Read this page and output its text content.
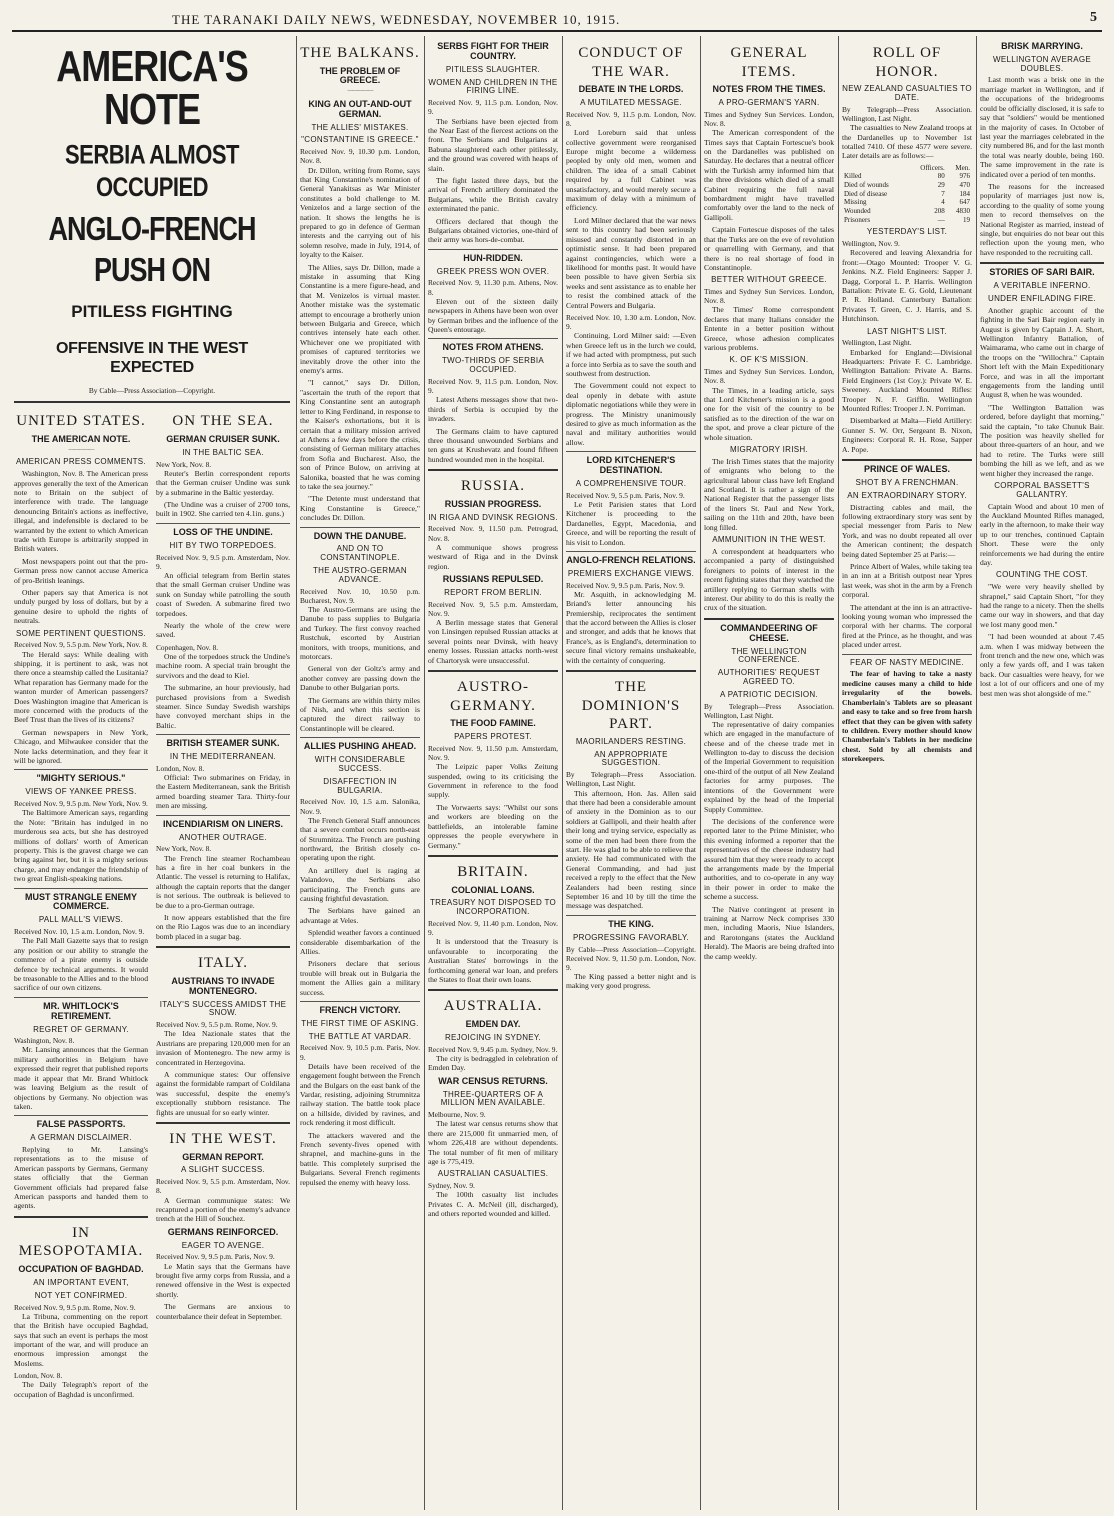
THE TARANAKI DAILY NEWS, WEDNESDAY, NOVEMBER 10, 1915.	5
AMERICA'S NOTE
SERBIA ALMOST OCCUPIED
ANGLO-FRENCH PUSH ON
PITILESS FIGHTING
OFFENSIVE IN THE WEST EXPECTED
By Cable—Press Association—Copyright.
UNITED STATES.
THE AMERICAN NOTE.
—————
AMERICAN PRESS COMMENTS.

Washington, Nov. 8. The American press approves generally the text of the American note to Britain on the subject of interference with trade. The language denouncing Britain's actions as ineffective, illegal, and indefensible is declared to be warranted by the extent to which American trade with Europe is arbitrarily stopped in British waters.

Most newspapers point out that the pro-German press now cannot accuse America of pro-British leanings.

Other papers say that America is not unduly purged by loss of dollars, but by a genuine desire to uphold the rights of neutrals.

SOME PERTINENT QUESTIONS.
Received Nov. 9, 5.5 p.m. New York, Nov. 8.

The Herald says: While dealing with shipping, it is pertinent to ask, was not there once a steamship called the Lusitania? What reparation has Germany made for the wanton murder of American passengers? Does Washington imagine that American is more concerned with the products of the Beef Trust than the lives of its citizens?

German newspapers in New York, Chicago, and Milwaukee consider that the Note lacks determination, and they fear it will be ignored.

"MIGHTY SERIOUS."
VIEWS OF YANKEE PRESS.
Received Nov. 9, 9.5 p.m. New York, Nov. 9.

The Baltimore American says, regarding the Note: "Britain has indulged in no murderous sea acts, but she has destroyed millions of dollars' worth of American property. This is the gravest charge we can bring against her, but it is a mighty serious charge, and may endanger the friendship of two great English-speaking nations.

MUST STRANGLE ENEMY COMMERCE.
PALL MALL'S VIEWS.
Received Nov. 10, 1.5 a.m. London, Nov. 9.

The Pall Mall Gazette says that to resign any position or our ability to strangle the commerce of a pirate enemy is outside defence by technical arguments. It would be treasonable to the Allies and to the blood sacrifice of our own citizens.

MR. WHITLOCK'S RETIREMENT.
REGRET OF GERMANY.
Washington, Nov. 8.

Mr. Lansing announces that the German military authorities in Belgium have expressed their regret that published reports made it appear that Mr. Brand Whitlock was leaving Belgium as the result of objections by Germany. No objection was taken.

FALSE PASSPORTS.
A GERMAN DISCLAIMER.

Replying to Mr. Lansing's representations as to the misuse of American passports by Germans, Germany states officially that the German Government officials had prepared false American passports and handed them to agents.

IN MESOPOTAMIA.
OCCUPATION OF BAGHDAD.
AN IMPORTANT EVENT,
NOT YET CONFIRMED.
Received Nov. 9, 9.5 p.m. Rome, Nov. 9.

La Tribuna, commenting on the report that the British have occupied Baghdad, says that such an event is perhaps the most important of the war, and will produce an enormous impression amongst the Moslems.

London, Nov. 8.

The Daily Telegraph's report of the occupation of Baghdad is unconfirmed.

ON THE SEA.
GERMAN CRUISER SUNK.
IN THE BALTIC SEA.
New York, Nov. 8.

Reuter's Berlin correspondent reports that the German cruiser Undine was sunk by a submarine in the Baltic yesterday.

(The Undine was a cruiser of 2700 tons, built in 1902. She carried ten 4.1in. guns.)

LOSS OF THE UNDINE.
HIT BY TWO TORPEDOES.
Received Nov. 9, 9.5 p.m. Amsterdam, Nov. 9.

An official telegram from Berlin states that the small German cruiser Undine was sunk on Sunday while patrolling the south coast of Sweden. A submarine fired two torpedoes.

Nearly the whole of the crew were saved.

Copenhagen, Nov. 8.

One of the torpedoes struck the Undine's machine room. A special train brought the survivors and the dead to Kiel.

The submarine, an hour previously, had purchased provisions from a Swedish steamer. Since Sunday Swedish warships have convoyed merchant ships in the Baltic.

BRITISH STEAMER SUNK.
IN THE MEDITERRANEAN.
London, Nov. 8.

Official: Two submarines on Friday, in the Eastern Mediterranean, sank the British armed boarding steamer Tara. Thirty-four men are missing.

INCENDIARISM ON LINERS.
ANOTHER OUTRAGE.
New York, Nov. 8.

The French line steamer Rochambeau has a fire in her coal bunkers in the Atlantic. The vessel is returning to Halifax, although the captain reports that the danger is not serious. The outbreak is believed to be due to a pro-German outrage.

It now appears established that the fire on the Rio Lagos was due to an incendiary bomb placed in a sugar bag.

ITALY.
AUSTRIANS TO INVADE MONTENEGRO.
ITALY'S SUCCESS AMIDST THE SNOW.
Received Nov. 9, 5.5 p.m. Rome, Nov. 9.

The Idea Nazionale states that the Austrians are preparing 120,000 men for an invasion of Montenegro. The new army is concentrated in Herzegovina.

A communique states: Our offensive against the formidable rampart of Coldilana was successful, despite the enemy's exceptionally stubborn resistance. The fights are unusual for so early winter.

IN THE WEST.
GERMAN REPORT.
A SLIGHT SUCCESS.
Received Nov. 9, 5.5 p.m. Amsterdam, Nov. 8.

A German communique states: We recaptured a portion of the enemy's advance trench at the Hill of Souchez.

GERMANS REINFORCED.
EAGER TO AVENGE.
Received Nov. 9, 9.5 p.m. Paris, Nov. 9.

Le Matin says that the Germans have brought five army corps from Russia, and a renewed offensive in the West is expected shortly.

The Germans are anxious to counterbalance their defeat in September.

THE BALKANS.
THE PROBLEM OF GREECE.
—————
KING AN OUT-AND-OUT GERMAN.
THE ALLIES' MISTAKES.
"CONSTANTINE IS GREECE."
Received Nov. 9, 10.30 p.m. London, Nov. 8.

Dr. Dillon, writing from Rome, says that King Constantine's nomination of General Yanakitsas as War Minister constitutes a bold challenge to M. Venizelos and a large section of the nation. It shows the lengths he is prepared to go in defence of German interests and the carrying out of his solemn resolve, made in July, 1914, of loyalty to the Kaiser.

The Allies, says Dr. Dillon, made a mistake in assuming that King Constantine is a mere figure-head, and that M. Venizelos is virtual master. Another mistake was the systematic attempt to encourage a brotherly union between Bulgaria and Greece, which contrives intensely hate each other. Whichever one we propitiated with promises of captured territories we inevitably drove the other into the enemy's arms.

"I cannot," says Dr. Dillon, "ascertain the truth of the report that King Constantine sent an autograph letter to King Ferdinand, in response to the Kaiser's exhortations, but it is certain that a military mission arrived at Athens a few days before the crisis, consisting of German military attaches from Sofia and Bucharest. Also, the son of Prince Bulow, on arriving at Salonika, boasted that he was coming to take the sea journey."

"The Detente must understand that King Constantine is Greece," concludes Dr. Dillon.

DOWN THE DANUBE.
AND ON TO CONSTANTINOPLE.
THE AUSTRO-GERMAN ADVANCE.
Received Nov. 10, 10.50 p.m. Bucharest, Nov. 9.

The Austro-Germans are using the Danube to pass supplies to Bulgaria and Turkey. The first convoy reached Rustchuk, escorted by Austrian monitors, with troops, munitions, and motorcars.

General von der Goltz's army and another convey are passing down the Danube to other Bulgarian ports.

The Germans are within thirty miles of Nish, and when this section is captured the direct railway to Constantinople will be cleared.

ALLIES PUSHING AHEAD.
WITH CONSIDERABLE SUCCESS.
DISAFFECTION IN BULGARIA.
Received Nov. 10, 1.5 a.m. Salonika, Nov. 9.

The French General Staff announces that a severe combat occurs north-east of Strumnitza. The French are pushing northward, the British closely co-operating upon the right.

An artillery duel is raging at Valandovo, the Serbians also participating. The French guns are causing frightful devastation.

The Serbians have gained an advantage at Veles.

Splendid weather favors a continued considerable disembarkation of the Allies.

Prisoners declare that serious trouble will break out in Bulgaria the moment the Allies gain a military success.

FRENCH VICTORY.
THE FIRST TIME OF ASKING.
THE BATTLE AT VARDAR.
Received Nov. 9, 10.5 p.m. Paris, Nov. 9.

Details have been received of the engagement fought between the French and the Bulgars on the east bank of the Vardar, resisting, adjoining Strumnitza railway station. The battle took place on a hillside, divided by ravines, and rock rendering it most difficult.

The attackers wavered and the French seventy-fives opened with shrapnel, and machine-guns in the battle. This completely surprised the Bulgarians. Several French regiments repulsed the enemy with heavy loss.

SERBS FIGHT FOR THEIR COUNTRY.
PITILESS SLAUGHTER.
WOMEN AND CHILDREN IN THE FIRING LINE.
Received Nov. 9, 11.5 p.m. London, Nov. 9.

The Serbians have been ejected from the Near East of the fiercest actions on the front. The Serbians and Bulgarians at Babuna slaughtered each other pitilessly, and the ground was covered with heaps of slain.

The fight lasted three days, but the arrival of French artillery dominated the Bulgarians, while the British cavalry exterminated the panic.

Officers declared that though the Bulgarians obtained victories, one-third of their army was hors-de-combat.

HUN-RIDDEN.
GREEK PRESS WON OVER.
Received Nov. 9, 11.30 p.m. Athens, Nov. 8.

Eleven out of the sixteen daily newspapers in Athens have been won over by German bribes and the influence of the Queen's entourage.

NOTES FROM ATHENS.
TWO-THIRDS OF SERBIA OCCUPIED.
Received Nov. 9, 11.5 p.m. London, Nov. 9.

Latest Athens messages show that two-thirds of Serbia is occupied by the invaders.

The Germans claim to have captured three thousand unwounded Serbians and ten guns at Krushevatz and found fifteen hundred wounded men in the hospital.

RUSSIA.
RUSSIAN PROGRESS.
IN RIGA AND DVINSK REGIONS.
Received Nov. 9, 11.50 p.m. Petrograd, Nov. 8.

A communique shows progress westward of Riga and in the Dvinsk region.

RUSSIANS REPULSED.
REPORT FROM BERLIN.
Received Nov. 9, 5.5 p.m. Amsterdam, Nov. 9.

A Berlin message states that General von Linsingen repulsed Russian attacks at several points near Dvinsk, with heavy enemy losses. Russian attacks north-west of Chartorysk were unsuccessful.

AUSTRO-GERMANY.
THE FOOD FAMINE.
PAPERS PROTEST.
Received Nov. 9, 11.50 p.m. Amsterdam, Nov. 9.

The Leipzic paper Volks Zeitung suspended, owing to its criticising the Government in reference to the food supply.

The Vorwaerts says: "Whilst our sons and workers are bleeding on the battlefields, an intolerable famine oppresses the people everywhere in Germany."

BRITAIN.
COLONIAL LOANS.
TREASURY NOT DISPOSED TO INCORPORATION.
Received Nov. 9, 11.40 p.m. London, Nov. 9.

It is understood that the Treasury is unfavourable to incorporating the Australian States' borrowings in the forthcoming general war loan, and prefers the States to float their own loans.

AUSTRALIA.
EMDEN DAY.
REJOICING IN SYDNEY.
Received Nov. 9, 9.45 p.m. Sydney, Nov. 9.

The city is bedraggled in celebration of Emden Day.

WAR CENSUS RETURNS.
THREE-QUARTERS OF A MILLION MEN AVAILABLE.
Melbourne, Nov. 9.

The latest war census returns show that there are 215,000 fit unmarried men, of whom 226,418 are without dependents. The total number of fit men of military age is 775,419.

AUSTRALIAN CASUALTIES.
Sydney, Nov. 9.

The 100th casualty list includes Privates C. A. McNeil (ill, discharged), and others reported wounded and killed.

CONDUCT OF THE WAR.
DEBATE IN THE LORDS.
A MUTILATED MESSAGE.
Received Nov. 9, 11.5 p.m. London, Nov. 8.

Lord Loreburn said that unless collective government were reorganised Europe might become a wilderness peopled by only old men, women and children. The idea of a small Cabinet required by a full Cabinet was unsatisfactory, and would merely secure a maximum of delay with a minimum of efficiency.

Lord Milner declared that the war news sent to this country had been seriously misused and constantly distorted in an optimistic sense. It had been prepared against contingencies, which were a likelihood for months past. It would have been possible to have given Serbia six weeks and sent assistance as to enable her to resist the combined attack of the Central Powers and Bulgaria.

Received Nov. 10, 1.30 a.m. London, Nov. 9.

Continuing, Lord Milner said: —Even when Greece left us in the lurch we could, if we had acted with promptness, put such a force into Serbia as to save the south and southwest from destruction.

The Government could not expect to deal openly in debate with astute diplomatic negotiations while they were in progress. The Ministry unanimously desired to give as much information as the naval and military authorities would allow.

LORD KITCHENER'S DESTINATION.
A COMPREHENSIVE TOUR.
Received Nov. 9, 5.5 p.m. Paris, Nov. 9.

Le Petit Parisien states that Lord Kitchener is proceeding to the Dardanelles, Egypt, Macedonia, and Greece, and will be reporting the result of his visit to London.

ANGLO-FRENCH RELATIONS.
PREMIERS EXCHANGE VIEWS.
Received Nov. 9, 9.5 p.m. Paris, Nov. 9.

Mr. Asquith, in acknowledging M. Briand's letter announcing his Premiership, reciprocates the sentiment that the accord between the Allies is closer and stronger, and adds that he knows that France's, as is England's, determination to secure final victory remains unshakeable, with the certainty of conquering.

THE DOMINION'S PART.
MAORILANDERS RESTING.
AN APPROPRIATE SUGGESTION.
By Telegraph—Press Association. Wellington, Last Night.

This afternoon, Hon. Jas. Allen said that there had been a considerable amount of anxiety in the Dominion as to our soldiers at Gallipoli, and their health after their long and trying service, especially as some of the men had been there from the start. He was glad to be able to relieve that anxiety. He had communicated with the General Commanding, and had just received a reply to the effect that the New Zealanders had been resting since September 16 and 10 by till the time the message was despatched.

THE KING.
PROGRESSING FAVORABLY.
By Cable—Press Association—Copyright. Received Nov. 9, 11.50 p.m. London, Nov. 9.

The King passed a better night and is making very good progress.

GENERAL ITEMS.
NOTES FROM THE TIMES.
A PRO-GERMAN'S YARN.
Times and Sydney Sun Services. London, Nov. 8.

The American correspondent of the Times says that Captain Fortescue's book on the Dardanelles was published on Saturday. He declares that a neutral officer with the Turkish army informed him that the three divisions which died of a small Cabinet requiring the full naval bombardment might have travelled comfortably over the land to the neck of Gallipoli.

Captain Fortescue disposes of the tales that the Turks are on the eve of revolution or quarrelling with Germany, and that there is no real shortage of food in Constantinople.

BETTER WITHOUT GREECE.
Times and Sydney Sun Services. London, Nov. 8.

The Times' Rome correspondent declares that many Italians consider the Entente in a better position without Greece, whose adhesion complicates various problems.

K. OF K'S MISSION.
Times and Sydney Sun Services. London, Nov. 8.

The Times, in a leading article, says that Lord Kitchener's mission is a good one for the visit of the country to be satisfied as to the direction of the war on the spot, and prove a clear picture of the whole situation.

MIGRATORY IRISH.

The Irish Times states that the majority of emigrants who belong to the agricultural labour class have left England and Scotland. It is rather a sign of the National Register that the passenger lists of the liners St. Paul and New York, sailing on the 11th and 20th, have been long filled.

AMMUNITION IN THE WEST.

A correspondent at headquarters who accompanied a party of distinguished foreigners to points of interest in the recent fighting states that they watched the artillery replying to German shells with interest. Our ability to do this is really the crux of the situation.

COMMANDEERING OF CHEESE.
THE WELLINGTON CONFERENCE.
AUTHORITIES' REQUEST AGREED TO.
A PATRIOTIC DECISION.
By Telegraph—Press Association. Wellington, Last Night.

The representative of dairy companies which are engaged in the manufacture of cheese and of the cheese trade met in Wellington to-day to discuss the decision of the Imperial Government to requisition one-third of the output of all New Zealand factories for army purposes. The intentions of the Government were explained by the head of the Imperial Supply Committee.

The decisions of the conference were reported later to the Prime Minister, who this evening informed a reporter that the representatives of the cheese industry had assured him that they were ready to accept the arrangements made by the Imperial authorities, and to co-operate in any way in their power in order to make the scheme a success.

The Native contingent at present in training at Narrow Neck comprises 330 men, including Maoris, Niue Islanders, and Rarotongans (states the Auckland Herald). The Maoris are being drafted into the camp weekly.

ROLL OF HONOR.
NEW ZEALAND CASUALTIES TO DATE.
By Telegraph—Press Association. Wellington, Last Night.

The casualties to New Zealand troops at the Dardanelles up to November 1st totalled 7410. Of these 4577 were severe. Later details are as follows:—

	Officers.	Men.
Killed	80	976
Died of wounds	29	470
Died of disease	7	184
Missing	4	647
Wounded	208	4830
Prisoners	—	19
YESTERDAY'S LIST.
Wellington, Nov. 9.

Recovered and leaving Alexandria for front:—Otago Mounted: Trooper V. G. Jenkins. N.Z. Field Engineers: Sapper J. Dagg, Corporal L. P. Harris. Wellington Battalion: Private E. G. Gold, Lieutenant P. R. Holland. Canterbury Battalion: Privates T. Green, C. J. Harris, and S. Hutchinson.

LAST NIGHT'S LIST.
Wellington, Last Night.

Embarked for England:—Divisional Headquarters: Private F. C. Lambridge. Wellington Battalion: Private A. Barns. Field Engineers (1st Coy.): Private W. E. Sweeney. Auckland Mounted Rifles: Trooper N. F. Griffin. Wellington Mounted Rifles: Trooper J. N. Porriman.

Disembarked at Malta—Field Artillery: Gunner S. W. Orr, Sergeant B. Nixon, Engineers: Corporal R. H. Rose, Sapper A. Pope.

PRINCE OF WALES.
SHOT BY A FRENCHMAN.
AN EXTRAORDINARY STORY.

Distracting cables and mail, the following extraordinary story was sent by special messenger from Paris to New York, and was no doubt repeated all over the American continent; the despatch being dated September 25 at Paris:—

Prince Albert of Wales, while taking tea in an inn at a British outpost near Ypres last week, was shot in the arm by a French corporal.

The attendant at the inn is an attractive-looking young woman who impressed the corporal with her charms. The corporal fired at the Prince, as he thought, and was placed under arrest.

FEAR OF NASTY MEDICINE.

The fear of having to take a nasty medicine causes many a child to hide irregularity of the bowels. Chamberlain's Tablets are so pleasant and easy to take and so free from harsh effect that they can be given with safety to children. Every mother should know Chamberlain's Tablets in her medicine chest. Sold by all chemists and storekeepers.

BRISK MARRYING.
WELLINGTON AVERAGE DOUBLES.

Last month was a brisk one in the marriage market in Wellington, and if the occupations of the bridegrooms could be officially disclosed, it is safe to say that "soldiers" would be mentioned in the majority of cases. In October of last year the marriages celebrated in the city numbered 86, and for the last month the total was nearly double, being 160. The same improvement in the rate is indicated over a period of ten months.

The reasons for the increased popularity of marriages just now is, according to the quality of some young men to record themselves on the National Register as married, instead of single, but enquiries do not bear out this reflection upon the young men, who have responded to the recruiting call.

STORIES OF SARI BAIR.
A VERITABLE INFERNO.
UNDER ENFILADING FIRE.

Another graphic account of the fighting in the Sari Bair region early in August is given by Captain J. A. Short, Wellington Infantry Battalion, of Waimarama, who came out in charge of the troops on the "Willochra." Captain Short left with the Main Expeditionary Force, and was in all the important engagements from the landing until August 8, when he was wounded.

"The Wellington Battalion was ordered, before daylight that morning," said the captain, "to take Chunuk Bair. The position was heavily shelled for about three-quarters of an hour, and we had to retire. The Turks were still bombing the hill as we left, and as we went higher they increased the range.

CORPORAL BASSETT'S GALLANTRY.

Captain Wood and about 10 men of the Auckland Mounted Rifles managed, early in the afternoon, to make their way up to our trenches, continued Captain Short. These were the only reinforcements we had during the entire day.

COUNTING THE COST.

"We were very heavily shelled by shrapnel," said Captain Short, "for they had the range to a nicety. Then the shells came our way in showers, and that day we lost many good men."

"I had been wounded at about 7.45 a.m. when I was midway between the front trench and the new one, which was only a few yards off, and I was taken back. Our casualties were heavy, for we lost a lot of our officers and one of my best men was shot alongside of me."
